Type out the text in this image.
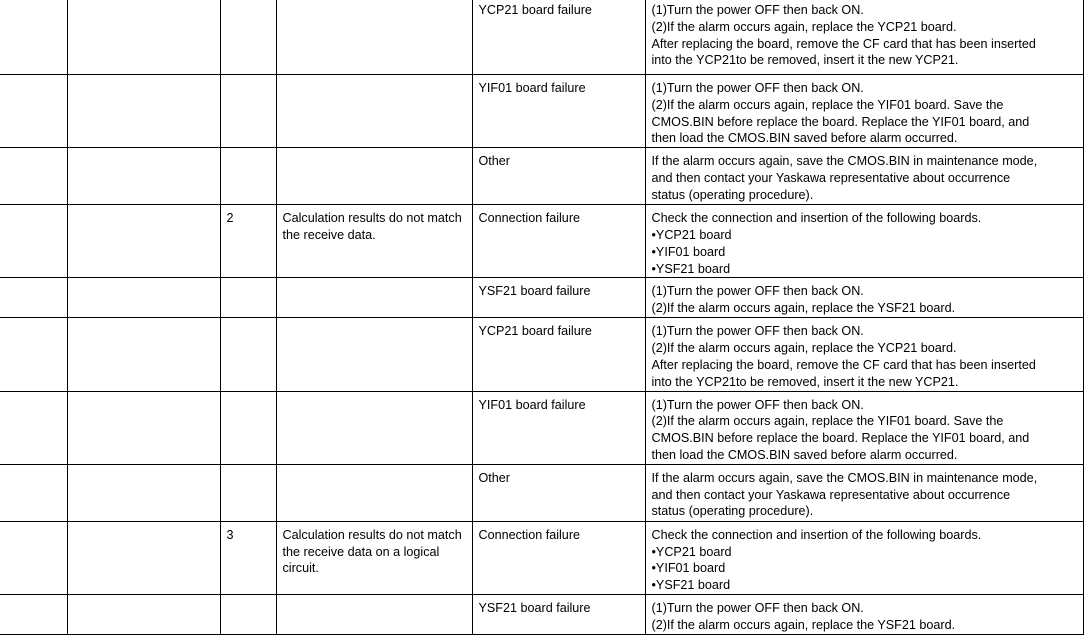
				YCP21 board failure	(1)Turn the power OFF then back ON.
(2)If the alarm occurs again, replace the YCP21 board.
After replacing the board, remove the CF card that has been inserted
into the YCP21to be removed, insert it the new YCP21.

				YIF01 board failure	(1)Turn the power OFF then back ON.
(2)If the alarm occurs again, replace the YIF01 board. Save the
CMOS.BIN before replace the board. Replace the YIF01 board, and
then load the CMOS.BIN saved before alarm occurred.

				Other	If the alarm occurs again, save the CMOS.BIN in maintenance mode,
and then contact your Yaskawa representative about occurrence
status (operating procedure).

		2	Calculation results do not match the receive data.	Connection failure	Check the connection and insertion of the following boards.
• YCP21 board
• YIF01 board
• YSF21 board

				YSF21 board failure	(1)Turn the power OFF then back ON.
(2)If the alarm occurs again, replace the YSF21 board.

				YCP21 board failure	(1)Turn the power OFF then back ON.
(2)If the alarm occurs again, replace the YCP21 board.
After replacing the board, remove the CF card that has been inserted
into the YCP21to be removed, insert it the new YCP21.

				YIF01 board failure	(1)Turn the power OFF then back ON.
(2)If the alarm occurs again, replace the YIF01 board. Save the
CMOS.BIN before replace the board. Replace the YIF01 board, and
then load the CMOS.BIN saved before alarm occurred.

				Other	If the alarm occurs again, save the CMOS.BIN in maintenance mode,
and then contact your Yaskawa representative about occurrence
status (operating procedure).

		3	Calculation results do not match the receive data on a logical circuit.	Connection failure	Check the connection and insertion of the following boards.
• YCP21 board
• YIF01 board
• YSF21 board

				YSF21 board failure	(1)Turn the power OFF then back ON.
(2)If the alarm occurs again, replace the YSF21 board.
